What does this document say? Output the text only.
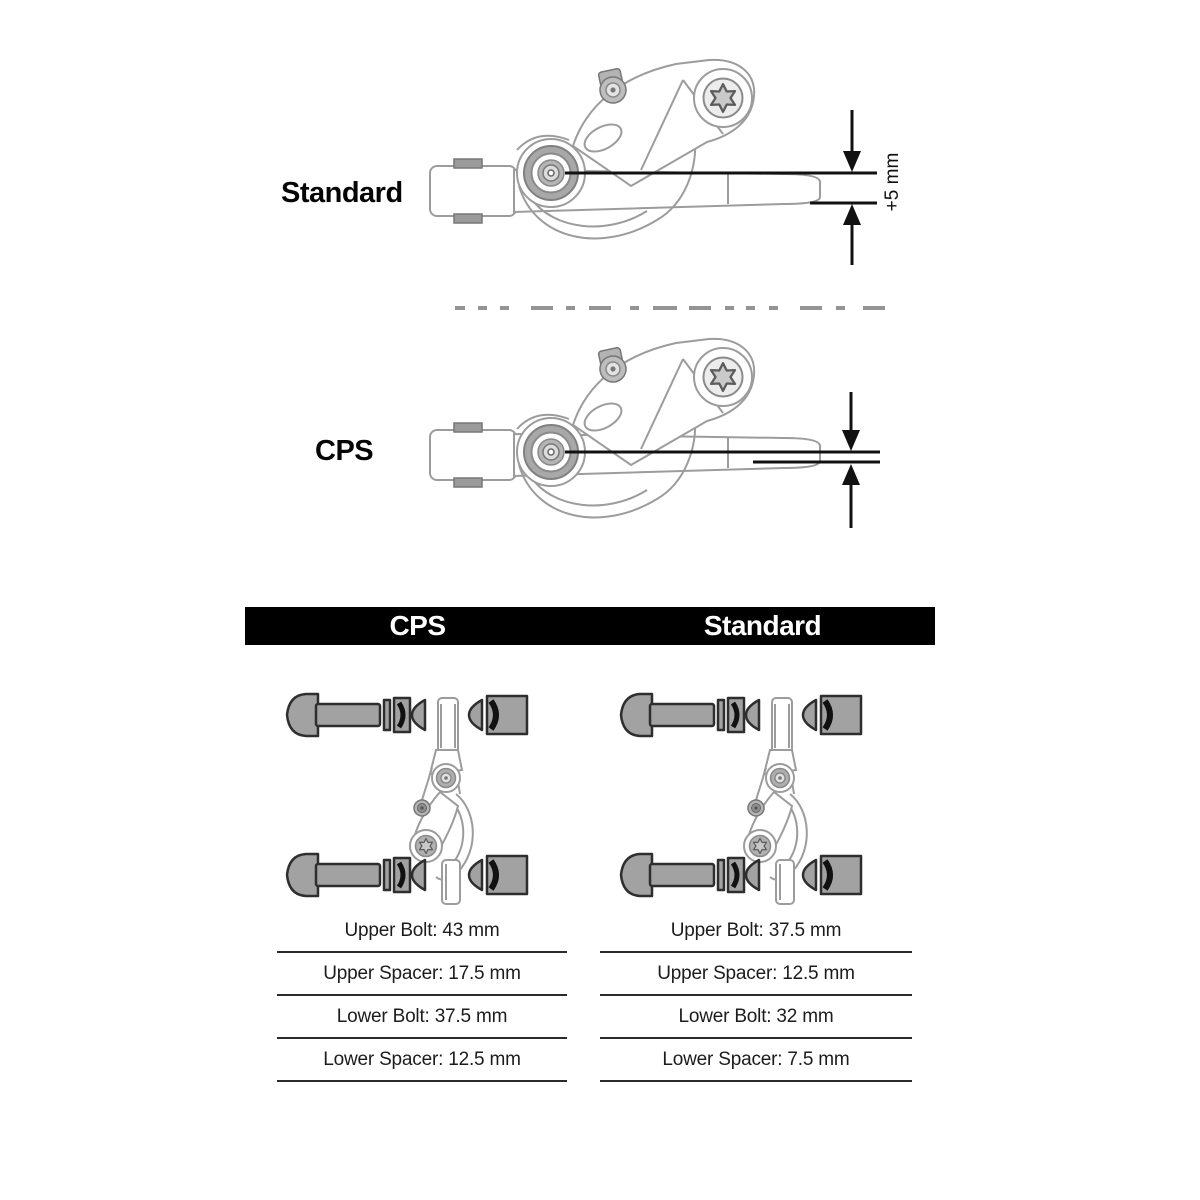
Standard	+5 mm
CPS
CPS	Standard
Upper Bolt: 43 mm
Upper Spacer: 17.5 mm
Lower Bolt: 37.5 mm
Lower Spacer: 12.5 mm
Upper Bolt: 37.5 mm
Upper Spacer: 12.5 mm
Lower Bolt: 32 mm
Lower Spacer: 7.5 mm
